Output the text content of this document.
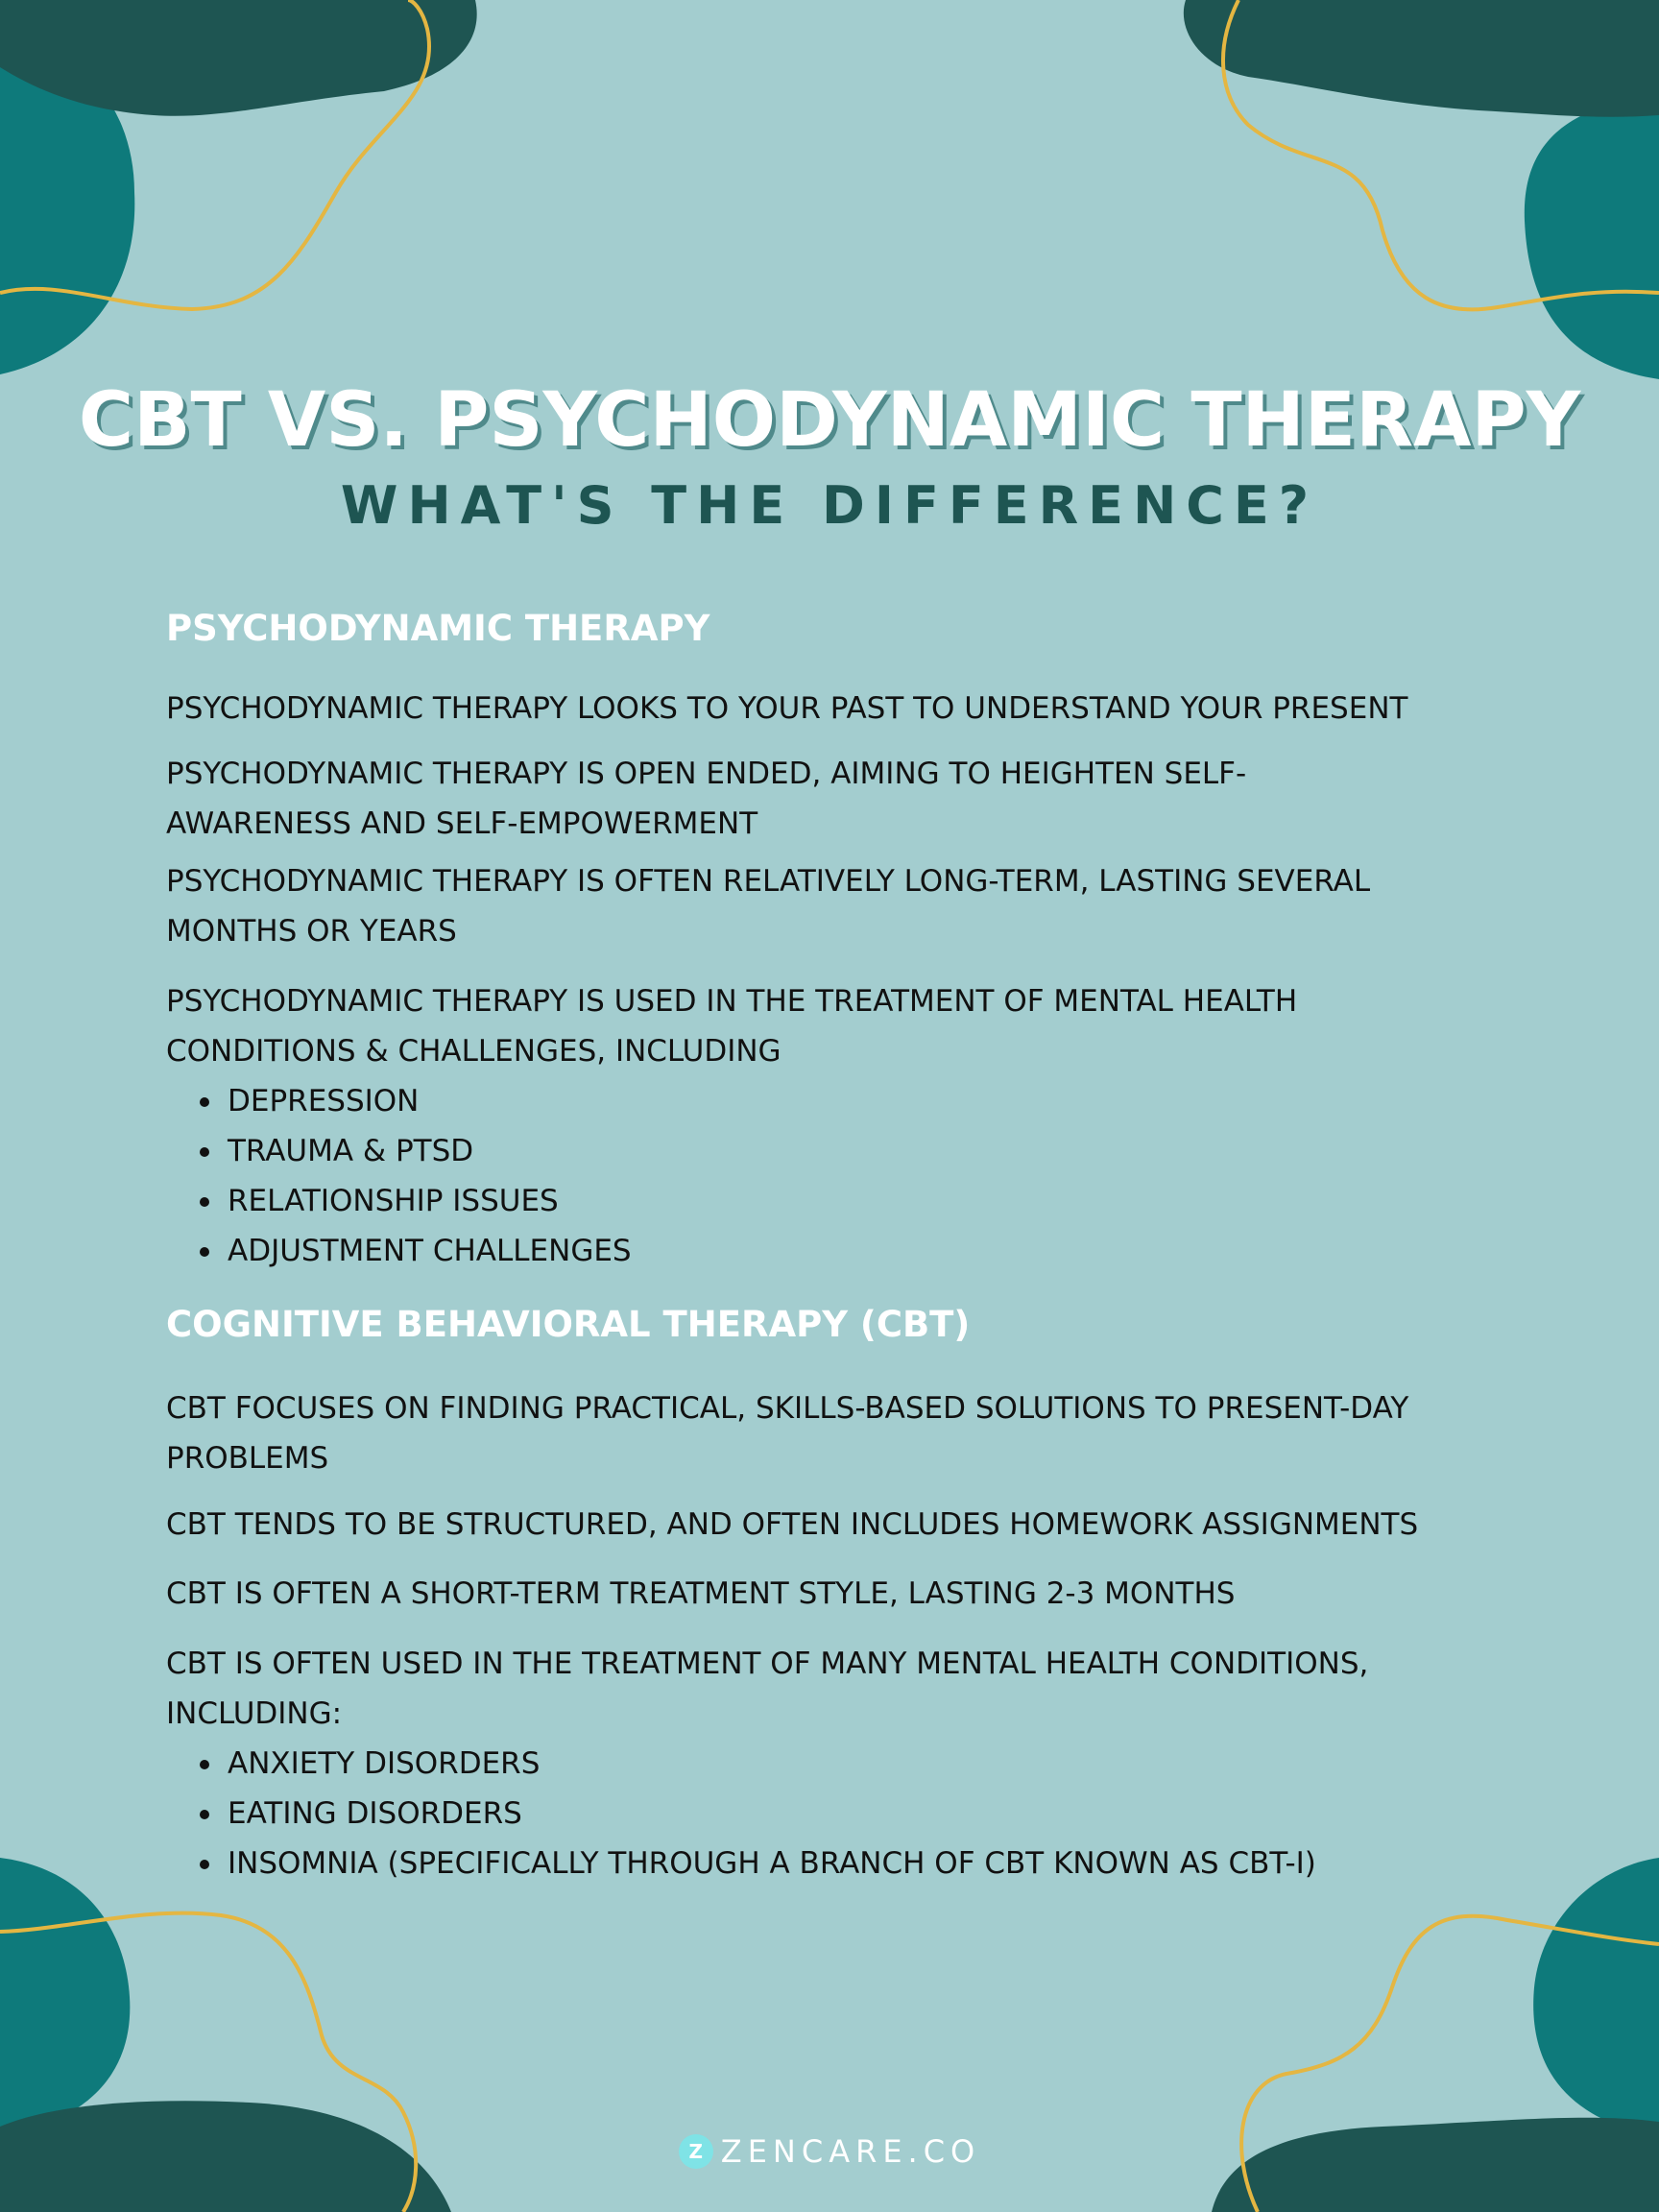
CBT VS. PSYCHODYNAMIC THERAPY
WHAT'S THE DIFFERENCE?
PSYCHODYNAMIC THERAPY

PSYCHODYNAMIC THERAPY LOOKS TO YOUR PAST TO UNDERSTAND YOUR PRESENT

PSYCHODYNAMIC THERAPY IS OPEN ENDED, AIMING TO HEIGHTEN SELF-
AWARENESS AND SELF-EMPOWERMENT
PSYCHODYNAMIC THERAPY IS OFTEN RELATIVELY LONG-TERM, LASTING SEVERAL
MONTHS OR YEARS
PSYCHODYNAMIC THERAPY IS USED IN THE TREATMENT OF MENTAL HEALTH
CONDITIONS & CHALLENGES, INCLUDING
DEPRESSION
TRAUMA & PTSD
RELATIONSHIP ISSUES
ADJUSTMENT CHALLENGES
COGNITIVE BEHAVIORAL THERAPY (CBT)
CBT FOCUSES ON FINDING PRACTICAL, SKILLS-BASED SOLUTIONS TO PRESENT-DAY
PROBLEMS

CBT TENDS TO BE STRUCTURED, AND OFTEN INCLUDES HOMEWORK ASSIGNMENTS

CBT IS OFTEN A SHORT-TERM TREATMENT STYLE, LASTING 2-3 MONTHS

CBT IS OFTEN USED IN THE TREATMENT OF MANY MENTAL HEALTH CONDITIONS,
INCLUDING:
ANXIETY DISORDERS
EATING DISORDERS
INSOMNIA (SPECIFICALLY THROUGH A BRANCH OF CBT KNOWN AS CBT-I)
Z ZENCARE.CO
